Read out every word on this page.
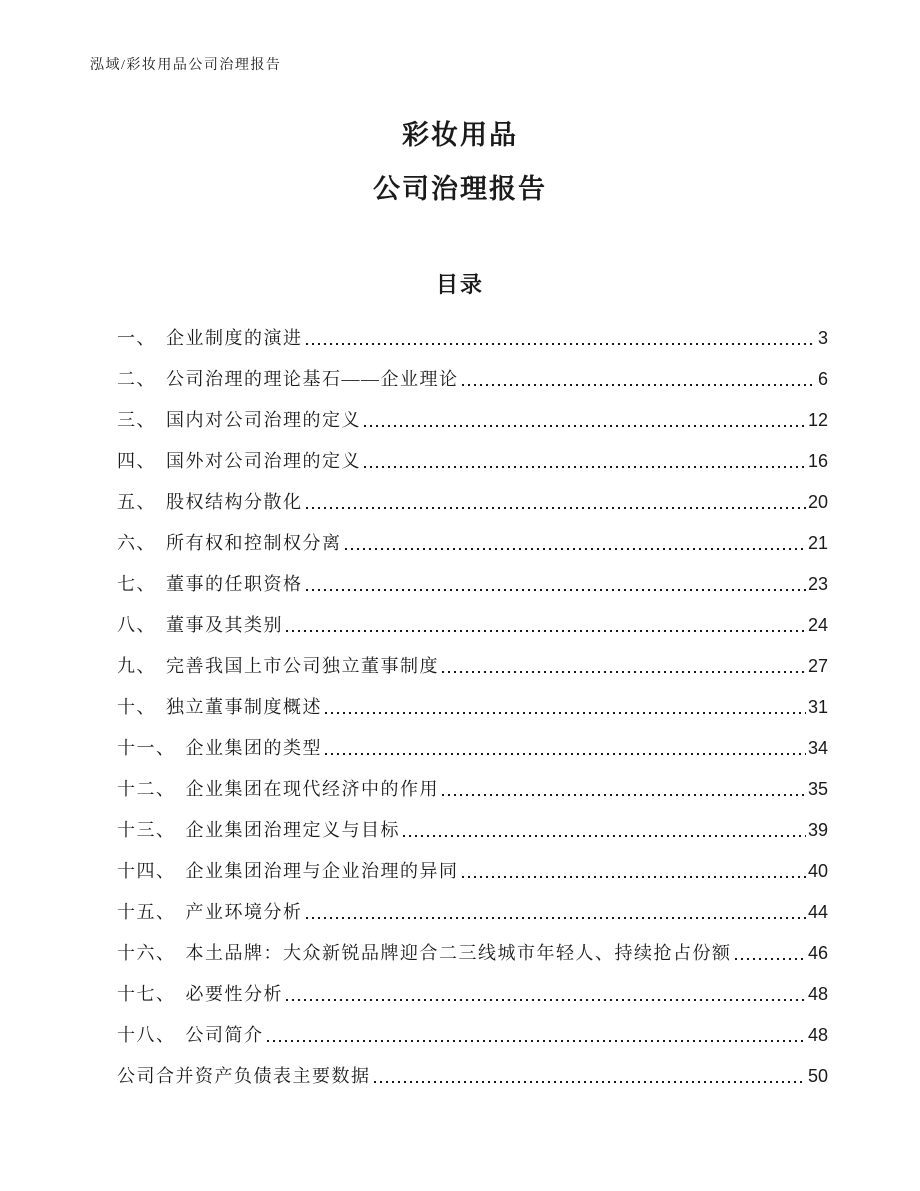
泓域/彩妆用品公司治理报告
彩妆用品
公司治理报告
目录
一、 企业制度的演进	3
二、 公司治理的理论基石——企业理论	6
三、 国内对公司治理的定义	12
四、 国外对公司治理的定义	16
五、 股权结构分散化	20
六、 所有权和控制权分离	21
七、 董事的任职资格	23
八、 董事及其类别	24
九、 完善我国上市公司独立董事制度	27
十、 独立董事制度概述	31
十一、 企业集团的类型	34
十二、 企业集团在现代经济中的作用	35
十三、 企业集团治理定义与目标	39
十四、 企业集团治理与企业治理的异同	40
十五、 产业环境分析	44
十六、 本土品牌：大众新锐品牌迎合二三线城市年轻人、持续抢占份额	46
十七、 必要性分析	48
十八、 公司简介	48
公司合并资产负债表主要数据	50
